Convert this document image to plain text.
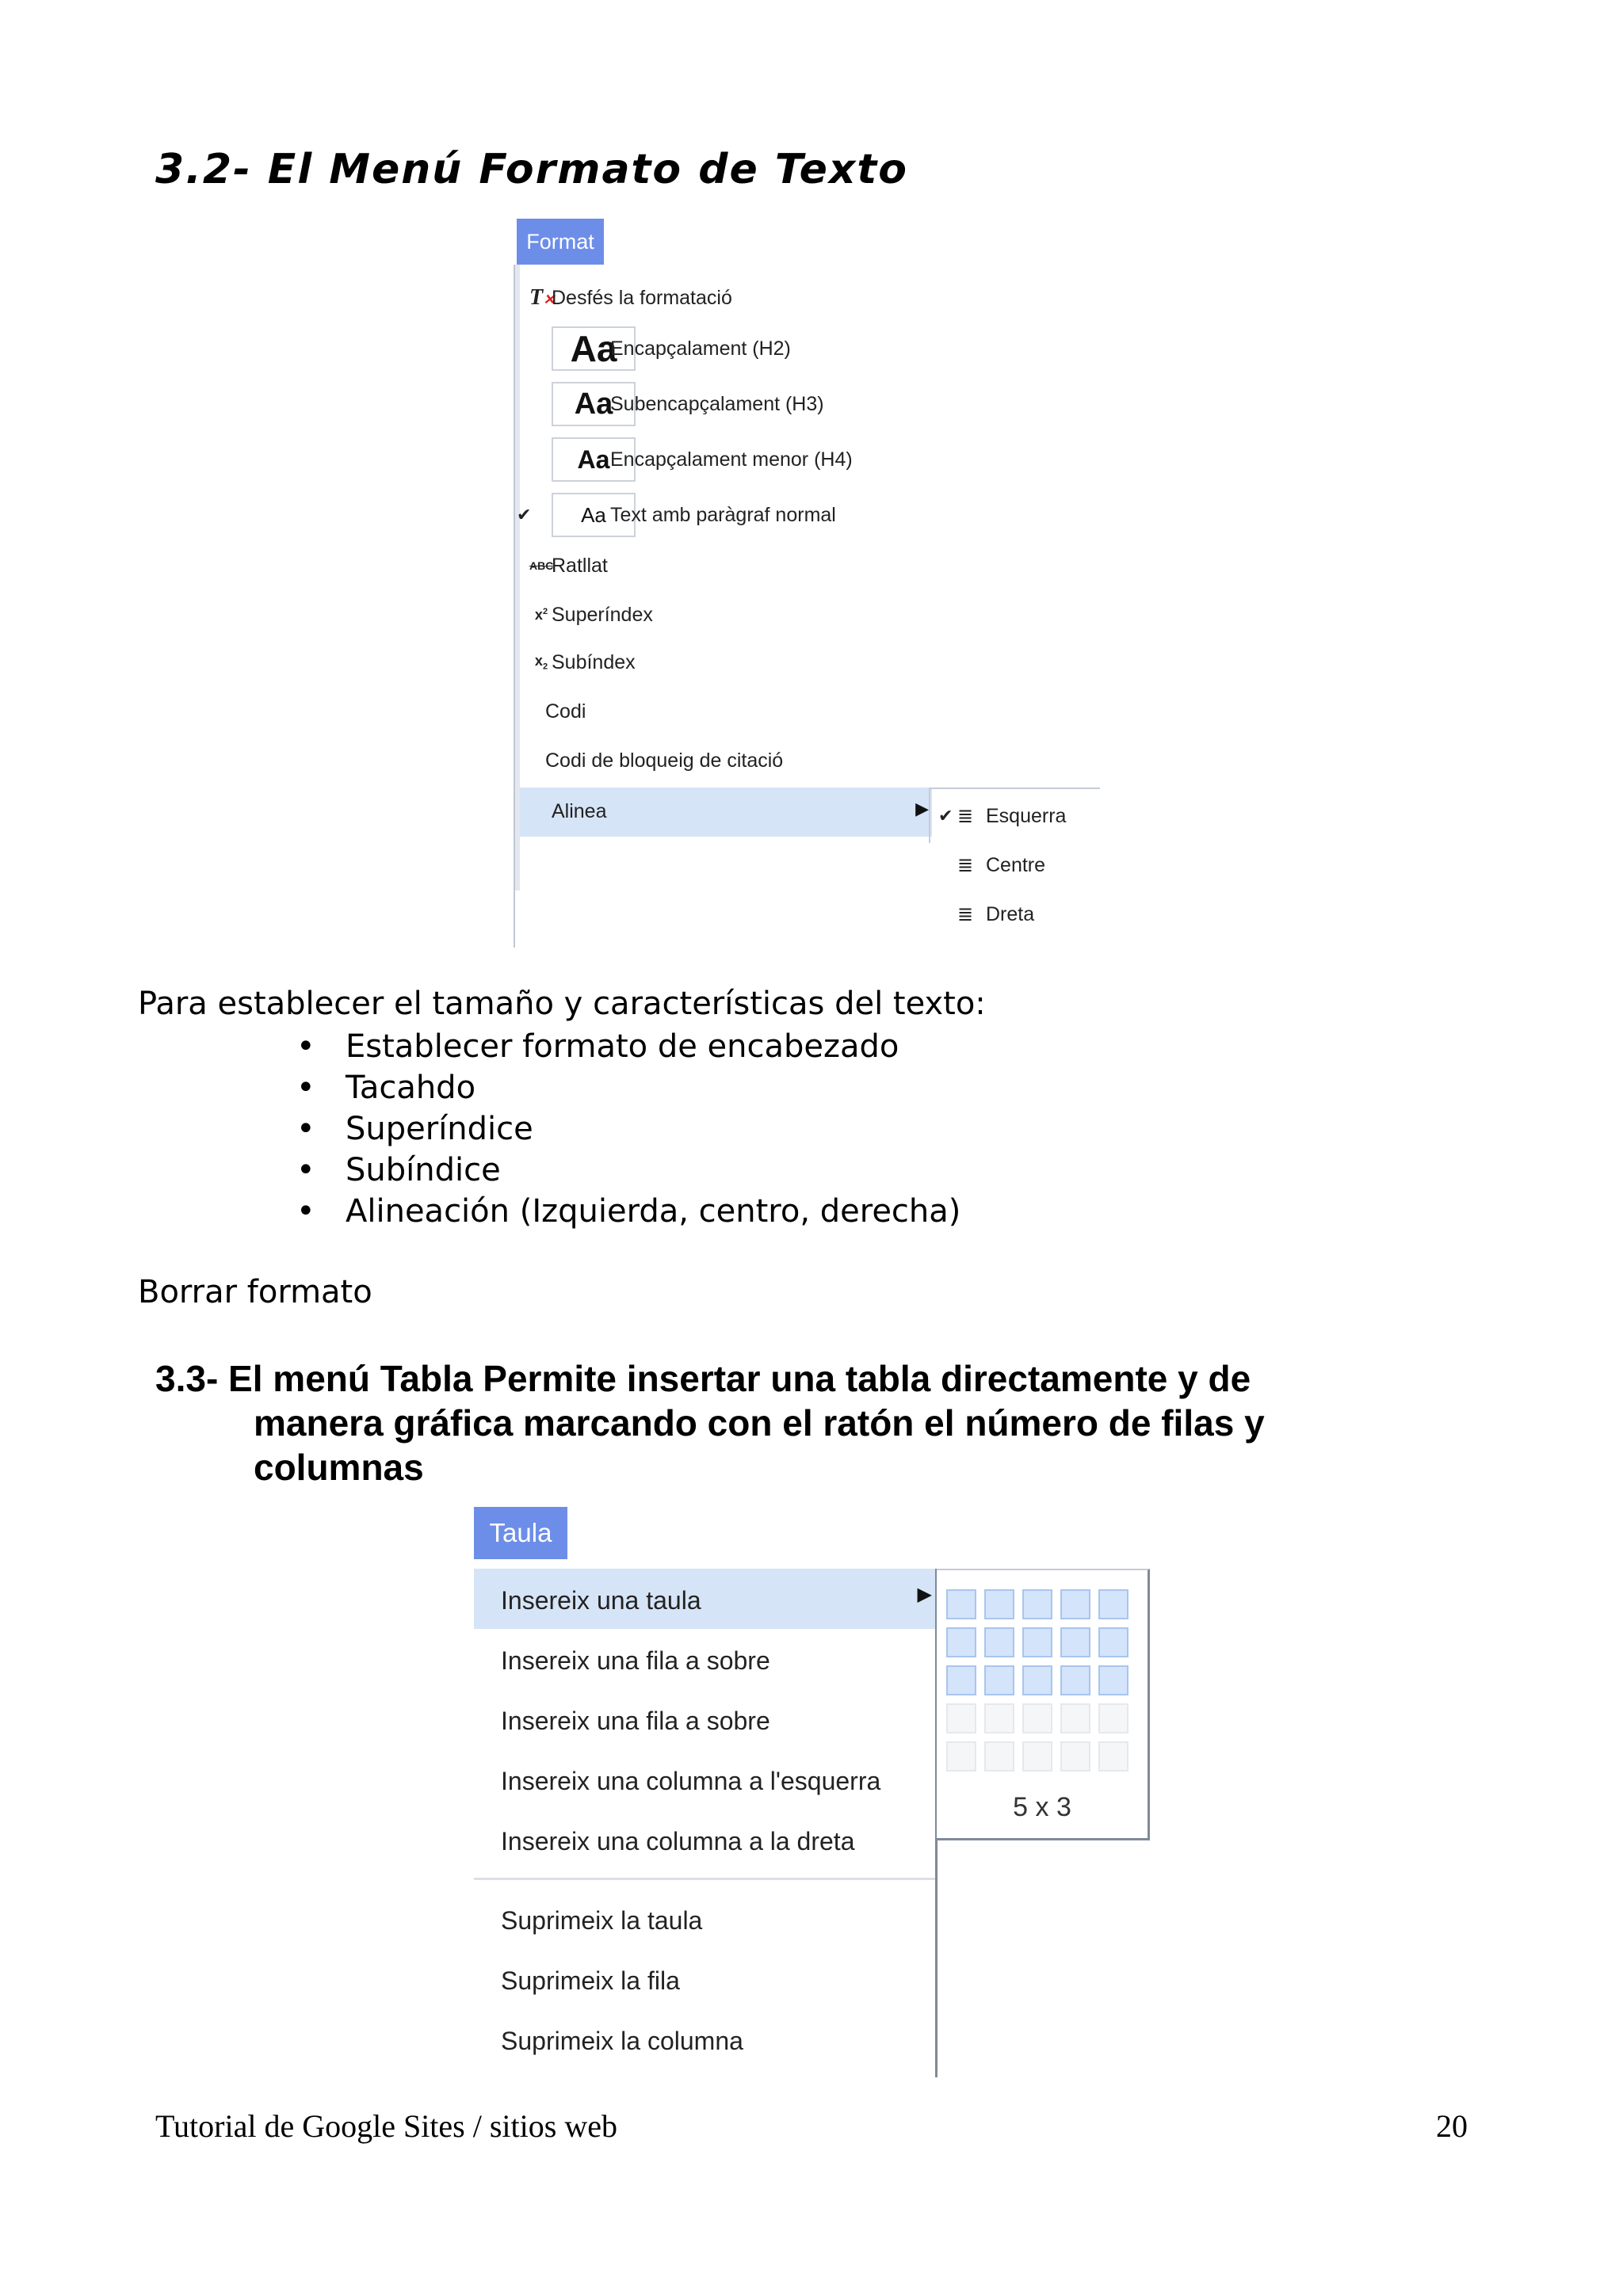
3.2- El Menú Formato de Texto
Format
T✕
Desfés la formatació
Aa
Encapçalament (H2)
Aa
Subencapçalament (H3)
Aa Encapçalament menor (H4)
✔	Aa Text amb paràgraf normal
ABC
Ratllat
$x^2$ Superíndex
$x_2$ Subíndex
Codi
Codi de bloqueig de citació
Alinea	▶ ✔ ≣ Esquerra
≣ Centre
≣ Dreta
Para establecer el tamaño y características del texto:
• Establecer formato de encabezado
• Tacahdo
• Superíndice
• Subíndice
• Alineación (Izquierda, centro, derecha)
Borrar formato
3.3- El menú Tabla Permite insertar una tabla directamente y de
manera gráfica marcando con el ratón el número de filas y
columnas
Taula
Insereix una taula	▶
Insereix una fila a sobre
Insereix una fila a sobre
Insereix una columna a l'esquerra
Insereix una columna a la dreta
Suprimeix la taula
Suprimeix la fila
Suprimeix la columna
5 x 3
Tutorial de Google Sites / sitios web	20
